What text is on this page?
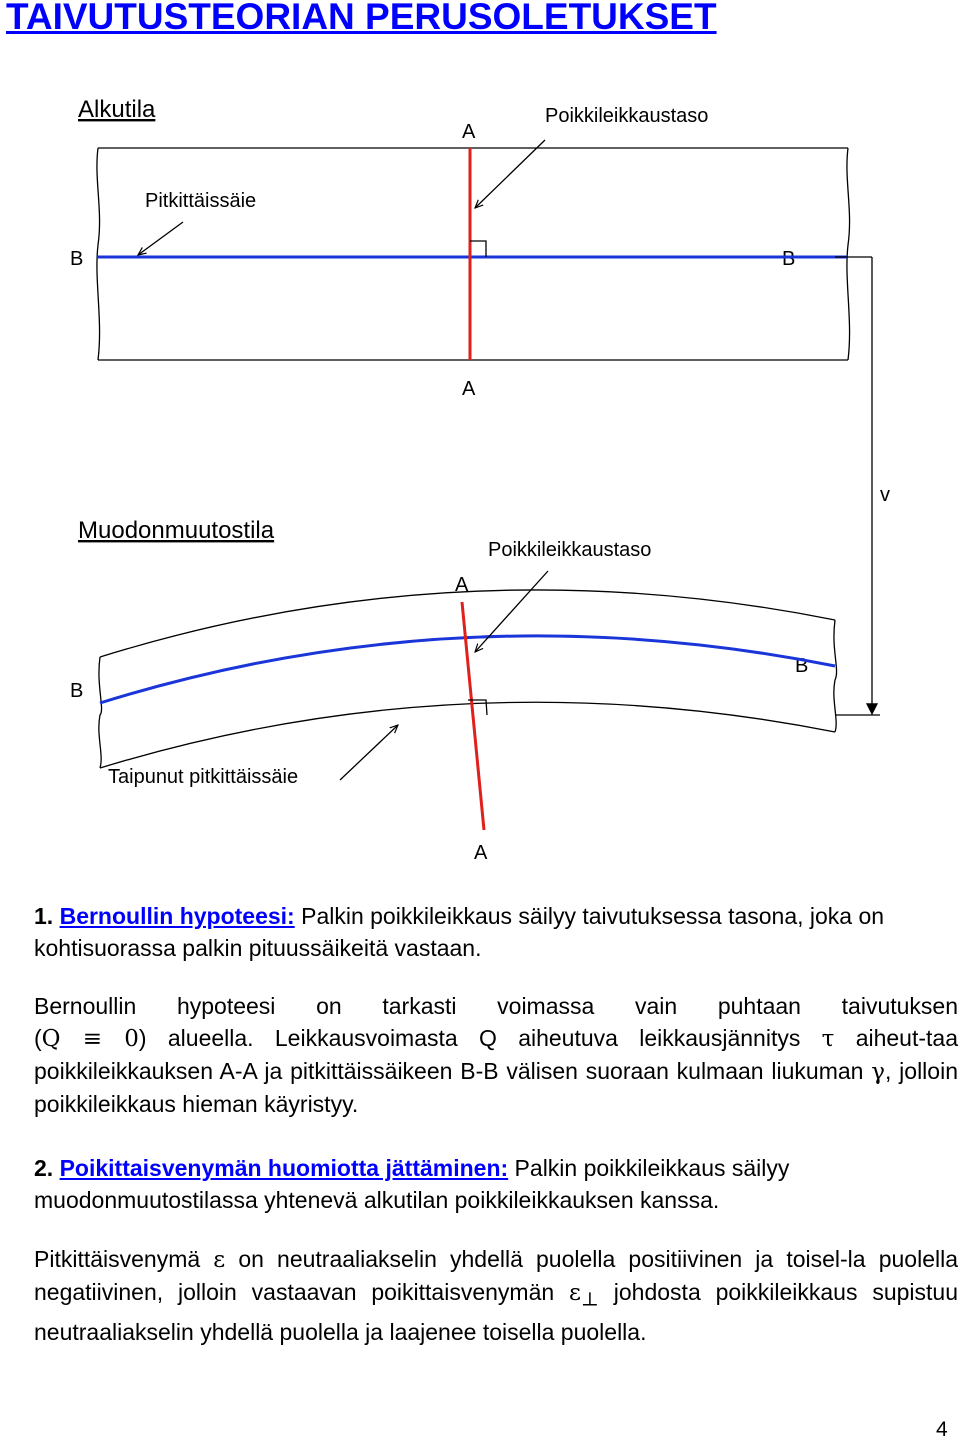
TAIVUTUSTEORIAN PERUSOLETUKSET
Alkutila
A
Poikkileikkaustaso
Pitkittäissäie
B	B
A
v
Muodonmuutostila
Poikkileikkaustaso
A
B
B
Taipunut pitkittäissäie
A

1. Bernoullin hypoteesi: Palkin poikkileikkaus säilyy taivutuksessa tasona, joka on kohtisuorassa palkin pituussäikeitä vastaan.

Bernoullin hypoteesi on tarkasti voimassa vain puhtaan taivutuksen

(Q ≡ 0) alueella. Leikkausvoimasta Q aiheutuva leikkausjännitys τ aiheut-taa poikkileikkauksen A-A ja pitkittäissäikeen B-B välisen suoraan kulmaan liukuman γ, jolloin poikkileikkaus hieman käyristyy.

2. Poikittaisvenymän huomiotta jättäminen: Palkin poikkileikkaus säilyy muodonmuutostilassa yhtenevä alkutilan poikkileikkauksen kanssa.

Pitkittäisvenymä ε on neutraaliakselin yhdellä puolella positiivinen ja toisel-la puolella negatiivinen, jolloin vastaavan poikittaisvenymän $\varepsilon_\perp$ johdosta poikkileikkaus supistuu neutraaliakselin yhdellä puolella ja laajenee toisella puolella.

4
